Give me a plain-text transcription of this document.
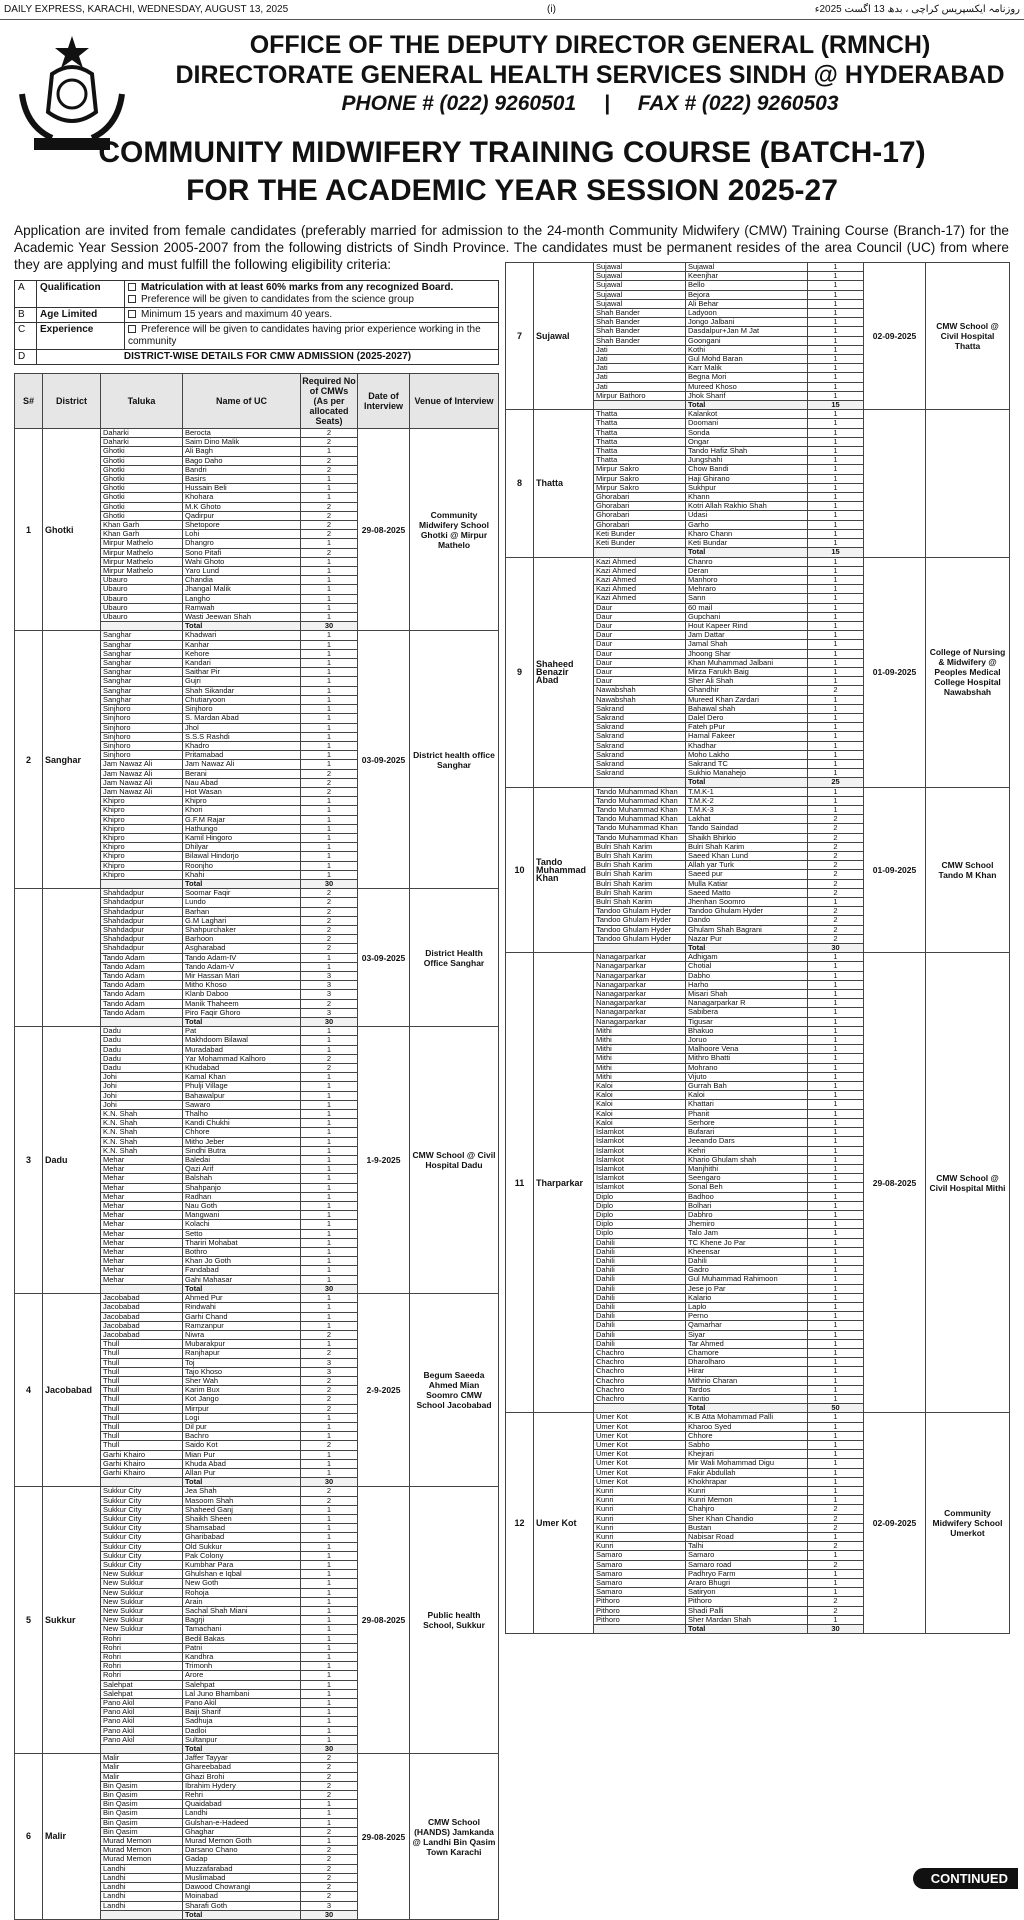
DAILY EXPRESS, KARACHI, WEDNESDAY, AUGUST 13, 2025	(i)	روزنامہ ایکسپریس کراچی ، بدھ 13 اگست 2025ء
OFFICE OF THE DEPUTY DIRECTOR GENERAL (RMNCH)
DIRECTORATE GENERAL HEALTH SERVICES SINDH @ HYDERABAD
PHONE # (022) 9260501 | FAX # (022) 9260503
COMMUNITY MIDWIFERY TRAINING COURSE (BATCH-17)
FOR THE ACADEMIC YEAR SESSION 2025-27
Application are invited from female candidates (preferably married for admission to the 24-month Community Midwifery (CMW) Training Course (Branch-17) for the Academic Year Session 2005-2007 from the following districts of Sindh Province. The candidates must be permanent resides of the area Council (UC) from where they are applying and must fulfill the following eligibility criteria:
A	Qualification	Matriculation with at least 60% marks from any recognized Board.
Preference will be given to candidates from the science group

B	Age Limited	Minimum 15 years and maximum 40 years.
C	Experience	Preference will be given to candidates having prior experience working in the community
D	DISTRICT-WISE DETAILS FOR CMW ADMISSION (2025-2027)	
S#	District	Taluka	Name of UC	Required No of CMWs (As per allocated Seats)	Date of Interview	Venue of Interview
1	Ghotki	Daharki	Berocta	2	29-08-2025	Community Midwifery School Ghotki @ Mirpur Mathelo
		Daharki	Saim Dino Malik	2		
		Ghotki	Ali Bagh	1		
		Ghotki	Bago Daho	2		
		Ghotki	Bandri	2		
		Ghotki	Basirs	1		
		Ghotki	Hussain Beli	1		
		Ghotki	Khohara	1		
		Ghotki	M.K Ghoto	2		
		Ghotki	Qadirpur	2		
		Khan Garh	Shetopore	2		
		Khan Garh	Lohi	2		
		Mirpur Mathelo	Dhangro	1		
		Mirpur Mathelo	Sono Pitafi	2		
		Mirpur Mathelo	Wahi Ghoto	1		
		Mirpur Mathelo	Yaro Lund	1		
		Ubauro	Chandia	1		
		Ubauro	Jhangal Malik	1		
		Ubauro	Langho	1		
		Ubauro	Ramwah	1		
		Ubauro	Wasti Jeewan Shah	1		
			Total	30		
2	Sanghar	Sanghar	Khadwari	1	03-09-2025	District health office Sanghar
		Sanghar	Kanhar	1		
		Sanghar	Kehore	1		
		Sanghar	Kandari	1		
		Sanghar	Saithar Pir	1		
		Sanghar	Gujri	1		
		Sanghar	Shah Sikandar	1		
		Sanghar	Chutiaryoon	1		
		Sinjhoro	Sinjhoro	1		
		Sinjhoro	S. Mardan Abad	1		
		Sinjhoro	Jhol	1		
		Sinjhoro	S.S.S Rashdi	1		
		Sinjhoro	Khadro	1		
		Sinjhoro	Pritamabad	1		
		Jam Nawaz Ali	Jam Nawaz Ali	1		
		Jam Nawaz Ali	Berani	2		
		Jam Nawaz Ali	Nau Abad	2		
		Jam Nawaz Ali	Hot Wasan	2		
		Khipro	Khipro	1		
		Khipro	Khori	1		
		Khipro	G.F.M Rajar	1		
		Khipro	Hathungo	1		
		Khipro	Kamil Hingoro	1		
		Khipro	Dhilyar	1		
		Khipro	Bilawal Hindorjo	1		
		Khipro	Roonjho	1		
		Khipro	Khahi	1		
			Total	30		
		Shahdadpur	Soomar Faqir	2	03-09-2025	District Health Office Sanghar
		Shahdadpur	Lundo	2		
		Shahdadpur	Barhan	2		
		Shahdadpur	G.M Laghari	2		
		Shahdadpur	Shahpurchaker	2		
		Shahdadpur	Barhoon	2		
		Shahdadpur	Asgharabad	2		
		Tando Adam	Tando Adam-IV	1		
		Tando Adam	Tando Adam-V	1		
		Tando Adam	Mir Hassan Mari	3		
		Tando Adam	Mitho Khoso	3		
		Tando Adam	Klanb Daboo	3		
		Tando Adam	Manik Thaheem	2		
		Tando Adam	Piro Faqir Ghoro	3		
			Total	30		
3	Dadu	Dadu	Pat	1	1-9-2025	CMW School @ Civil Hospital Dadu
		Dadu	Makhdoom Bilawal	1		
		Dadu	Muradabad	1		
		Dadu	Yar Mohammad Kalhoro	2		
		Dadu	Khudabad	2		
		Johi	Kamal Khan	1		
		Johi	Phulji Village	1		
		Johi	Bahawalpur	1		
		Johi	Sawaro	1		
		K.N. Shah	Thalho	1		
		K.N. Shah	Kandi Chukhi	1		
		K.N. Shah	Chhore	1		
		K.N. Shah	Mitho Jeber	1		
		K.N. Shah	Sindhi Butra	1		
		Mehar	Baledai	1		
		Mehar	Qazi Arif	1		
		Mehar	Balshah	1		
		Mehar	Shahpanjo	1		
		Mehar	Radhan	1		
		Mehar	Nau Goth	1		
		Mehar	Mangwani	1		
		Mehar	Kolachi	1		
		Mehar	Setto	1		
		Mehar	Thariri Mohabat	1		
		Mehar	Bothro	1		
		Mehar	Khan Jo Goth	1		
		Mehar	Fandabad	1		
		Mehar	Gahi Mahasar	1		
			Total	30		
4	Jacobabad	Jacobabad	Ahmed Pur	1	2-9-2025	Begum Saeeda Ahmed Mian Soomro CMW School Jacobabad
		Jacobabad	Rindwahi	1		
		Jacobabad	Garhi Chand	1		
		Jacobabad	Ramzanpur	1		
		Jacobabad	Niwra	2		
		Thull	Mubarakpur	1		
		Thull	Ranjhapur	2		
		Thull	Toj	3		
		Thull	Tajo Khoso	3		
		Thull	Sher Wah	2		
		Thull	Karim Bux	2		
		Thull	Kot Jango	2		
		Thull	Mirrpur	2		
		Thull	Logi	1		
		Thull	Dil pur	1		
		Thull	Bachro	1		
		Thull	Saido Kot	2		
		Garhi Khairo	Mian Pur	1		
		Garhi Khairo	Khuda Abad	1		
		Garhi Khairo	Allan Pur	1		
			Total	30		
5	Sukkur	Sukkur City	Jea Shah	2	29-08-2025	Public health School, Sukkur
		Sukkur City	Masoom Shah	2		
		Sukkur City	Shaheed Ganj	1		
		Sukkur City	Shaikh Sheen	1		
		Sukkur City	Shamsabad	1		
		Sukkur City	Gharibabad	1		
		Sukkur City	Old Sukkur	1		
		Sukkur City	Pak Colony	1		
		Sukkur City	Kumbhar Para	1		
		New Sukkur	Ghulshan e Iqbal	1		
		New Sukkur	New Goth	1		
		New Sukkur	Rohoja	1		
		New Sukkur	Arain	1		
		New Sukkur	Sachal Shah Miani	1		
		New Sukkur	Bagrji	1		
		New Sukkur	Tamachani	1		
		Rohri	Bedil Bakas	1		
		Rohri	Patni	1		
		Rohri	Kandhra	1		
		Rohri	Trimonh	1		
		Rohri	Arore	1		
		Salehpat	Salehpat	1		
		Salehpat	Lal Juno Bhambani	1		
		Pano Akil	Pano Akil	1		
		Pano Akil	Baiji Sharif	1		
		Pano Akil	Sadhuja	1		
		Pano Akil	Dadloi	1		
		Pano Akil	Sultanpur	1		
			Total	30		
6	Malir	Malir	Jaffer Tayyar	2	29-08-2025	CMW School (HANDS) Jamkanda @ Landhi Bin Qasim Town Karachi
		Malir	Ghareebabad	2		
		Malir	Ghazi Brohi	2		
		Bin Qasim	Ibrahim Hydery	2		
		Bin Qasim	Rehri	2		
		Bin Qasim	Quaidabad	1		
		Bin Qasim	Landhi	1		
		Bin Qasim	Gulshan-e-Hadeed	1		
		Bin Qasim	Ghaghar	2		
		Murad Memon	Murad Memon Goth	1		
		Murad Memon	Darsano Chano	2		
		Murad Memon	Gadap	2		
		Landhi	Muzzafarabad	2		
		Landhi	Muslimabad	2		
		Landhi	Dawood Chowrangi	2		
		Landhi	Moinabad	2		
		Landhi	Sharafi Goth	3		
			Total	30		
7	Sujawal	Sujawal	Sujawal	1	02-09-2025	CMW School @ Civil Hospital Thatta
		Sujawal	Keenjhar	1		
		Sujawal	Bello	1		
		Sujawal	Bejora	1		
		Sujawal	Ali Behar	1		
		Shah Bander	Ladyoon	1		
		Shah Bander	Jongo Jalbani	1		
		Shah Bander	Dasdalpur+Jan M Jat	1		
		Shah Bander	Goongani	1		
		Jati	Kothi	1		
		Jati	Gul Mohd Baran	1		
		Jati	Karr Malik	1		
		Jati	Begna Mori	1		
		Jati	Mureed Khoso	1		
		Mirpur Bathoro	Jhok Sharif	1		
			Total	15		
8	Thatta	Thatta	Kalankot	1		
		Thatta	Doomani	1		
		Thatta	Sonda	1		
		Thatta	Ongar	1		
		Thatta	Tando Hafiz Shah	1		
		Thatta	Jungshahi	1		
		Mirpur Sakro	Chow Bandi	1		
		Mirpur Sakro	Haji Ghirano	1		
		Mirpur Sakro	Sukhpur	1		
		Ghorabari	Khann	1		
		Ghorabari	Kotri Allah Rakhio Shah	1		
		Ghorabari	Udasi	1		
		Ghorabari	Garho	1		
		Keti Bunder	Kharo Chann	1		
		Keti Bunder	Keti Bundar	1		
			Total	15		
9	Shaheed Benazir Abad	Kazi Ahmed	Chanro	1	01-09-2025	College of Nursing & Midwifery @ Peoples Medical College Hospital Nawabshah
		Kazi Ahmed	Deran	1		
		Kazi Ahmed	Manhoro	1		
		Kazi Ahmed	Mehraro	1		
		Kazi Ahmed	Sann	1		
		Daur	60 mail	1		
		Daur	Gupchani	1		
		Daur	Hout Kapeer Rind	1		
		Daur	Jam Dattar	1		
		Daur	Jamal Shah	1		
		Daur	Jhoong Shar	1		
		Daur	Khan Muhammad Jalbani	1		
		Daur	Mirza Farukh Baig	1		
		Daur	Sher Ali Shah	1		
		Nawabshah	Ghandhir	2		
		Nawabshah	Mureed Khan Zardari	1		
		Sakrand	Bahawal shah	1		
		Sakrand	Dalel Dero	1		
		Sakrand	Fateh pPur	1		
		Sakrand	Hamal Fakeer	1		
		Sakrand	Khadhar	1		
		Sakrand	Moho Lakho	1		
		Sakrand	Sakrand TC	1		
		Sakrand	Sukhio Manahejo	1		
			Total	25		
10	Tando Muhammad Khan	Tando Muhammad Khan	T.M.K-1	1	01-09-2025	CMW School Tando M Khan
		Tando Muhammad Khan	T.M.K-2	1		
		Tando Muhammad Khan	T.M.K-3	1		
		Tando Muhammad Khan	Lakhat	2		
		Tando Muhammad Khan	Tando Saindad	2		
		Tando Muhammad Khan	Shaikh Bhirkio	2		
		Bulri Shah Karim	Bulri Shah Karim	2		
		Bulri Shah Karim	Saeed Khan Lund	2		
		Bulri Shah Karim	Allah yar Turk	2		
		Bulri Shah Karim	Saeed pur	2		
		Bulri Shah Karim	Mulla Katiar	2		
		Bulri Shah Karim	Saeed Matto	2		
		Bulri Shah Karim	Jhenhan Soomro	1		
		Tandoo Ghulam Hyder	Tandoo Ghulam Hyder	2		
		Tandoo Ghulam Hyder	Dando	2		
		Tandoo Ghulam Hyder	Ghulam Shah Bagrani	2		
		Tandoo Ghulam Hyder	Nazar Pur	2		
			Total	30		
11	Tharparkar	Nanagarparkar	Adhigam	1	29-08-2025	CMW School @ Civil Hospital Mithi
		Nanagarparkar	Chotial	1		
		Nanagarparkar	Dabho	1		
		Nanagarparkar	Harho	1		
		Nanagarparkar	Misari Shah	1		
		Nanagarparkar	Nanagarparkar R	1		
		Nanagarparkar	Sabibera	1		
		Nanagarparkar	Tigusar	1		
		Mithi	Bhakuo	1		
		Mithi	Joruo	1		
		Mithi	Malhoore Vena	1		
		Mithi	Mithro Bhatti	1		
		Mithi	Mohrano	1		
		Mithi	Vijuto	1		
		Kaloi	Gurrah Bah	1		
		Kaloi	Kaloi	1		
		Kaloi	Khattari	1		
		Kaloi	Phanit	1		
		Kaloi	Serhore	1		
		Islamkot	Bufarari	1		
		Islamkot	Jeeando Dars	1		
		Islamkot	Kehri	1		
		Islamkot	Khario Ghulam shah	1		
		Islamkot	Manjhithi	1		
		Islamkot	Seengaro	1		
		Islamkot	Sonal Beh	1		
		Diplo	Badhoo	1		
		Diplo	Bolhari	1		
		Diplo	Dabhro	1		
		Diplo	Jhemiro	1		
		Diplo	Talo Jam	1		
		Dahili	TC Khene Jo Par	1		
		Dahili	Kheensar	1		
		Dahili	Dahili	1		
		Dahili	Gadro	1		
		Dahili	Gul Muhammad Rahimoon	1		
		Dahili	Jese jo Par	1		
		Dahili	Kalario	1		
		Dahili	Laplo	1		
		Dahili	Perno	1		
		Dahili	Qamarhar	1		
		Dahili	Siyar	1		
		Dahili	Tar Ahmed	1		
		Chachro	Chamore	1		
		Chachro	Dharolharo	1		
		Chachro	Hirar	1		
		Chachro	Mithrio Charan	1		
		Chachro	Tardos	1		
		Chachro	Kantio	1		
			Total	50		
12	Umer Kot	Umer Kot	K.B Atta Mohammad Palli	1	02-09-2025	Community Midwifery School Umerkot
		Umer Kot	Kharoo Syed	1		
		Umer Kot	Chhore	1		
		Umer Kot	Sabho	1		
		Umer Kot	Khejrari	1		
		Umer Kot	Mir Wali Mohammad Digu	1		
		Umer Kot	Fakir Abdullah	1		
		Umer Kot	Khokhrapar	1		
		Kunri	Kunri	1		
		Kunri	Kunri Memon	1		
		Kunri	Chahjro	2		
		Kunri	Sher Khan Chandio	2		
		Kunri	Bustan	2		
		Kunri	Nabisar Road	1		
		Kunri	Talhi	2		
		Samaro	Samaro	1		
		Samaro	Samaro road	2		
		Samaro	Padhryo Farm	1		
		Samaro	Araro Bhugri	1		
		Samaro	Satiryon	1		
		Pithoro	Pithoro	2		
		Pithoro	Shadi Palli	2		
		Pithoro	Sher Mardan Shah	1		
			Total	30		
CONTINUED
